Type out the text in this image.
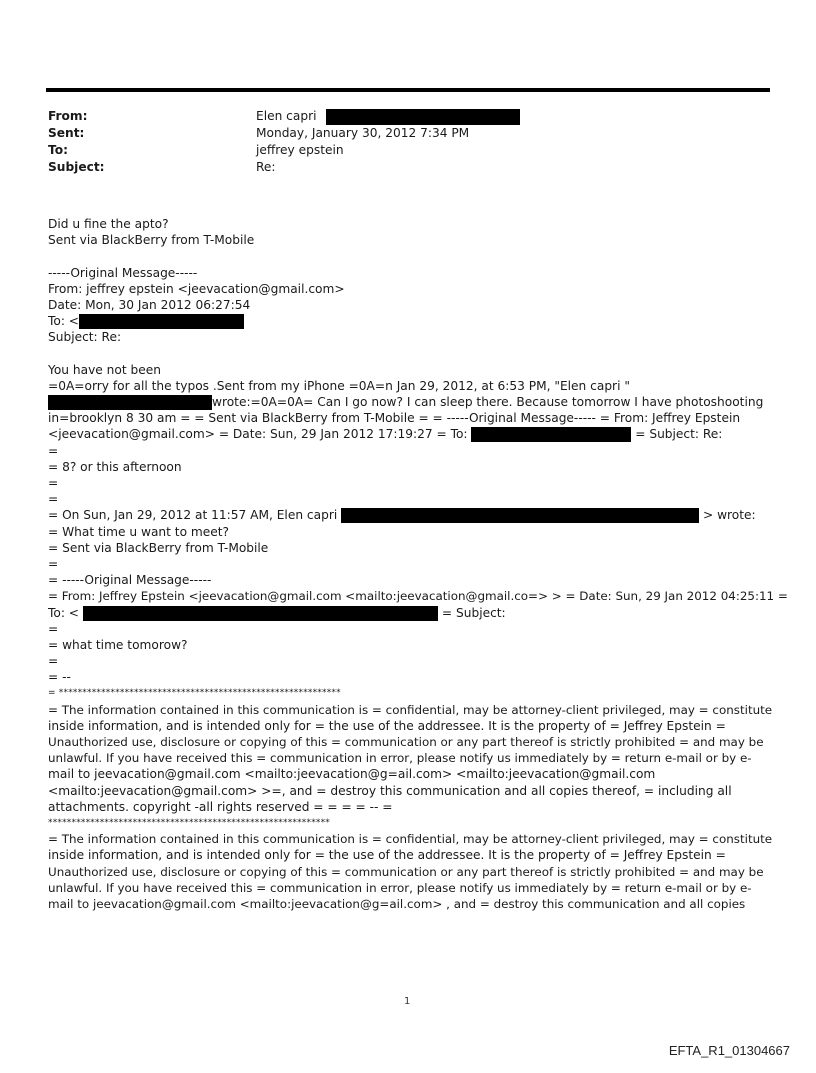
From:	Elen capri
Sent:	Monday, January 30, 2012 7:34 PM
To:	jeffrey epstein
Subject:	Re:
Did u fine the apto?
Sent via BlackBerry from T-Mobile
-----Original Message-----
From: jeffrey epstein <jeevacation@gmail.com>
Date: Mon, 30 Jan 2012 06:27:54
To: <
Subject: Re:
You have not been
=0A=orry for all the typos .Sent from my iPhone =0A=n Jan 29, 2012, at 6:53 PM, "Elen capri "
wrote:=0A=0A= Can I go now? I can sleep there. Because tomorrow I have photoshooting
in=brooklyn 8 30 am = = Sent via BlackBerry from T-Mobile = = -----Original Message----- = From: Jeffrey Epstein
<jeevacation@gmail.com> = Date: Sun, 29 Jan 2012 17:19:27 = To:	= Subject: Re:
=
= 8? or this afternoon
=
=
= On Sun, Jan 29, 2012 at 11:57 AM, Elen capri	> wrote:
= What time u want to meet?
= Sent via BlackBerry from T-Mobile
=
= -----Original Message-----
= From: Jeffrey Epstein <jeevacation@gmail.com <mailto:jeevacation@gmail.co=> > = Date: Sun, 29 Jan 2012 04:25:11 =
To: <	= Subject:
=
= what time tomorow?
=
= --
= ************************************************************
= The information contained in this communication is = confidential, may be attorney-client privileged, may = constitute
inside information, and is intended only for = the use of the addressee. It is the property of = Jeffrey Epstein =
Unauthorized use, disclosure or copying of this = communication or any part thereof is strictly prohibited = and may be
unlawful. If you have received this = communication in error, please notify us immediately by = return e-mail or by e-
mail to jeevacation@gmail.com <mailto:jeevacation@g=ail.com> <mailto:jeevacation@gmail.com
<mailto:jeevacation@gmail.com> >=, and = destroy this communication and all copies thereof, = including all
attachments. copyright -all rights reserved = = = = -- =
************************************************************
= The information contained in this communication is = confidential, may be attorney-client privileged, may = constitute
inside information, and is intended only for = the use of the addressee. It is the property of = Jeffrey Epstein =
Unauthorized use, disclosure or copying of this = communication or any part thereof is strictly prohibited = and may be
unlawful. If you have received this = communication in error, please notify us immediately by = return e-mail or by e-
mail to jeevacation@gmail.com <mailto:jeevacation@g=ail.com> , and = destroy this communication and all copies
1
EFTA_R1_01304667
